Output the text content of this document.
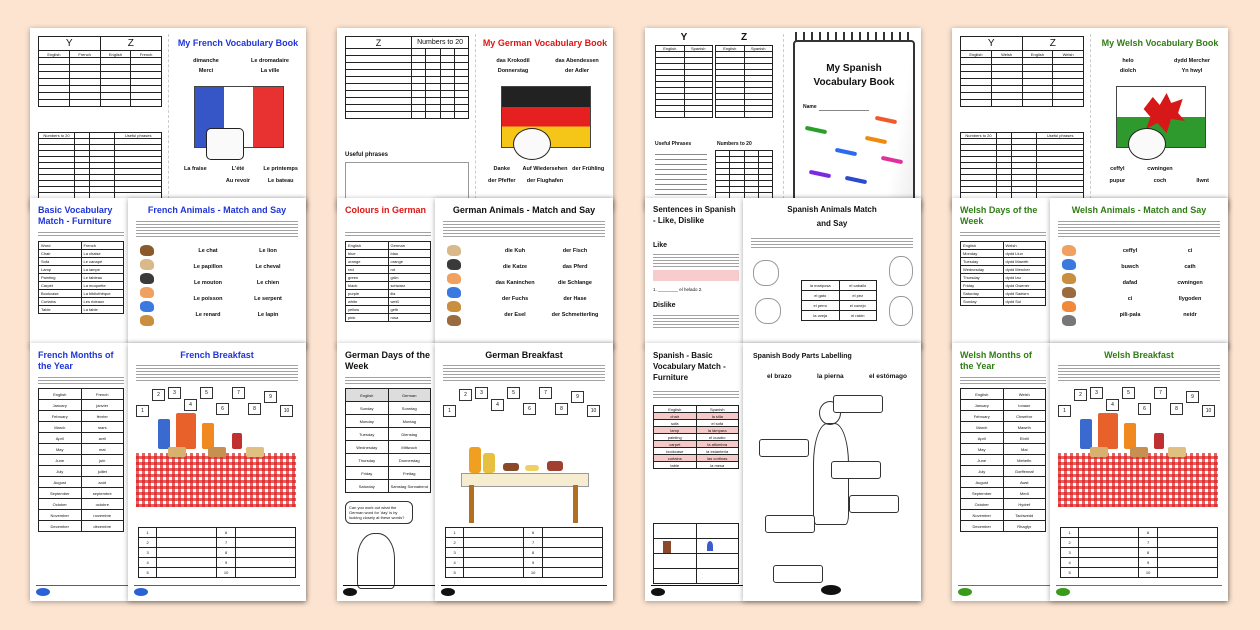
Y		Z	
English	French	English	French

Numbers to 20			Useful phrases

My French Vocabulary Book
dimanche	Le dromadaire
Merci	La ville
La fraise	L'été	Le printemps
Au revoir	Le bateau
Basic Vocabulary Match - Furniture
Word	French
Chair	La chaise
Sofa	Le canapé
Lamp	La lampe
Painting	Le tableau
Carpet	La moquette
Bookcase	La bibliothèque
Curtains	Les rideaux
Table	La table
French Animals - Match and Say
Le chat	Le lion
Le papillon	Le cheval
Le mouton	Le chien
Le poisson	Le serpent
Le renard	Le lapin
French Months of the Year
English	French
January	janvier
February	février
March	mars
April	avril
May	mai
June	juin
July	juillet
August	août
September	septembre
October	octobre
November	novembre
December	décembre
French Breakfast
1
2	3
4
5
6
7
8
9
10
1		6	
2		7	
3		8	
4		9	
5		10	
Z	Numbers to 20			

Useful phrases
My German Vocabulary Book
das Krokodil	das Abendessen
Donnerstag	der Adler
Danke	Auf Wiedersehen der Frühling
der Pfeffer	der Flughafen
Colours in German
English	German
blue	blau
orange	orange
red	rot
green	grün
black	schwarz
purple	lila
white	weiß
yellow	gelb
pink	rosa
German Animals - Match and Say
die Kuh	der Fisch
die Katze	das Pferd
das Kaninchen	die Schlange
der Fuchs	der Hase
der Esel	der Schmetterling
German Days of the Week
English	German
Sunday	Sonntag
Monday	Montag
Tuesday	Dienstag
Wednesday	Mittwoch
Thursday	Donnerstag
Friday	Freitag
Saturday	Samstag Sonnabend
Can you work out what the German word for 'day' is by looking closely at these words?
German Breakfast
1
2	3
4
5
6
7
8
9
10
1		6	
2		7	
3		8	
4		9	
5		10	
Y
English	Spanish

Z
English	Spanish

Useful Phrases	Numbers to 20

My Spanish Vocabulary Book
Name
Sentences in Spanish - Like, Dislike
Like
1. ________ el helado 2.
Dislike
Spanish Animals Match and Say
la mariposa	el caballo
el gato	el pez
el perro	el conejo
la oveja	el ratón
Spanish - Basic Vocabulary Match - Furniture
English	Spanish
chair	la silla
sofa	el sofá
lamp	la lámpara
painting	el cuadro
carpet	la alfombra
bookcase	la estantería
curtains	las cortinas
table	la mesa

Spanish Body Parts Labelling
el brazo	la pierna	el estómago
Y		Z	
English	Welsh	English	Welsh

Numbers to 20			Useful phrases

My Welsh Vocabulary Book
helo	dydd Mercher
diolch	Yn hwyl
ceffyl	cwningen
pupur	coch	llwnt
Welsh Days of the Week
English	Welsh
Monday	dydd Llun
Tuesday	dydd Mawrth
Wednesday	dydd Mercher
Thursday	dydd Iau
Friday	dydd Gwener
Saturday	dydd Sadwrn
Sunday	dydd Sul
Welsh Animals - Match and Say
ceffyl	ci
buwch	cath
dafad	cwningen
ci	llygoden
pili-pala	neidr
Welsh Months of the Year
English	Welsh
January	Ionawr
February	Chwefror
March	Mawrth
April	Ebrill
May	Mai
June	Mehefin
July	Gorffennaf
August	Awst
September	Medi
October	Hydref
November	Tachwedd
December	Rhagfyr
Welsh Breakfast
1
2	3
4
5
6
7
8
9
10
1		6	
2		7	
3		8	
4		9	
5		10	
